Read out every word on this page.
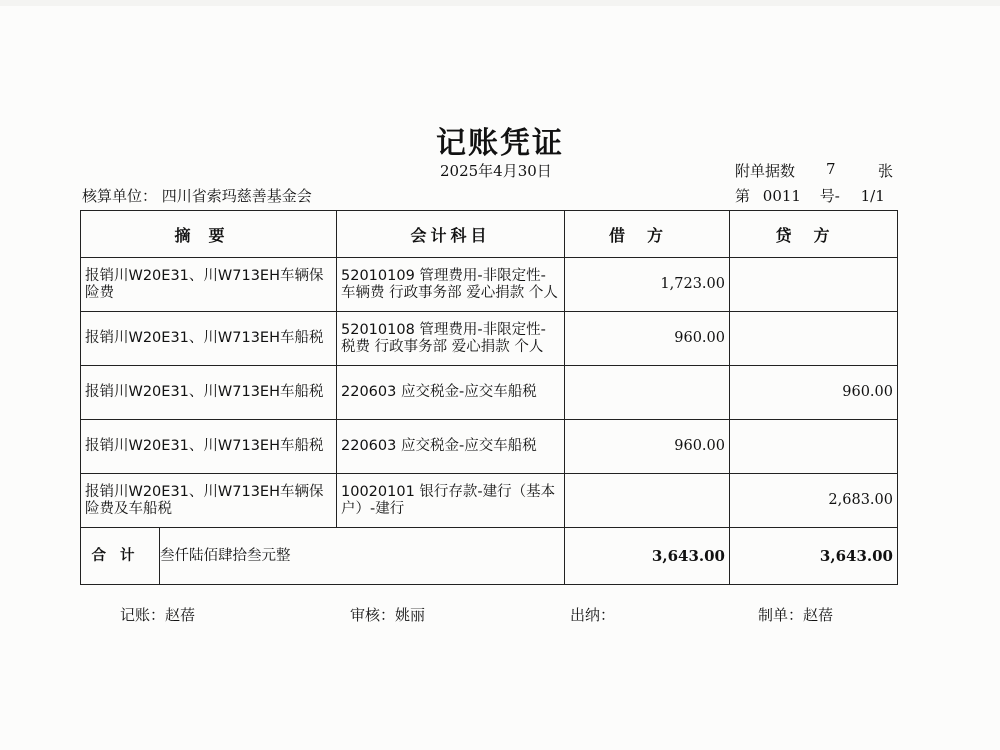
记账凭证
2025年4月30日	附单据数 7	张
核算单位： 四川省索玛慈善基金会	第 0011 号- 1/1
摘要	会计科目	借方	贷方
报销川W20E31、川W713EH车辆保险费	52010109 管理费用-非限定性-车辆费 行政事务部 爱心捐款 个人	1,723.00	
报销川W20E31、川W713EH车船税	52010108 管理费用-非限定性-税费 行政事务部 爱心捐款 个人	960.00	
报销川W20E31、川W713EH车船税	220603 应交税金-应交车船税		960.00
报销川W20E31、川W713EH车船税	220603 应交税金-应交车船税	960.00	
报销川W20E31、川W713EH车辆保险费及车船税	10020101 银行存款-建行（基本户）-建行		2,683.00

合计 叁仟陆佰肆拾叁元整		3,643.00	3,643.00
记账：赵蓓	审核：姚丽	出纳：	制单：赵蓓
